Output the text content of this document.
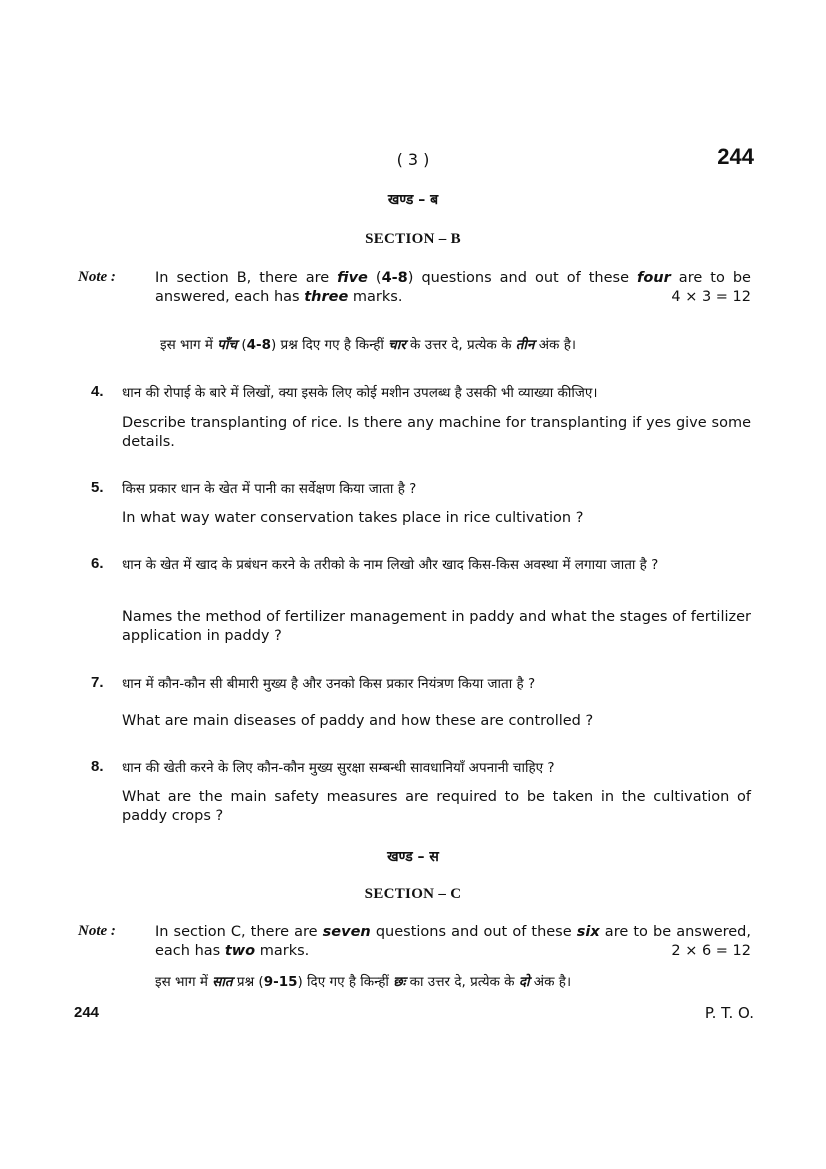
( 3 )	244
खण्ड – ब
SECTION – B
Note :	In section B, there are five (4-8) questions and out of these four are to be answered, each has three marks.	4 × 3 = 12
इस भाग में पाँच (4-8) प्रश्न दिए गए है किन्हीं चार के उत्तर दे, प्रत्येक के तीन अंक है।
4. धान की रोपाई के बारे में लिखों, क्या इसके लिए कोई मशीन उपलब्ध है उसकी भी व्याख्या कीजिए।
Describe transplanting of rice. Is there any machine for transplanting if yes give some details.
5. किस प्रकार धान के खेत में पानी का सर्वेक्षण किया जाता है ?
In what way water conservation takes place in rice cultivation ?
6. धान के खेत में खाद के प्रबंधन करने के तरीको के नाम लिखो और खाद किस-किस अवस्था में लगाया जाता है ?
Names the method of fertilizer management in paddy and what the stages of fertilizer application in paddy ?
7. धान में कौन-कौन सी बीमारी मुख्य है और उनको किस प्रकार नियंत्रण किया जाता है ?
What are main diseases of paddy and how these are controlled ?
8. धान की खेती करने के लिए कौन-कौन मुख्य सुरक्षा सम्बन्धी सावधानियाँ अपनानी चाहिए ?
What are the main safety measures are required to be taken in the cultivation of paddy crops ?
खण्ड – स
SECTION – C
Note :	In section C, there are seven questions and out of these six are to be answered, each has two marks.	2 × 6 = 12
इस भाग में सात प्रश्न (9-15) दिए गए है किन्हीं छः का उत्तर दे, प्रत्येक के दो अंक है।
244	P. T. O.
